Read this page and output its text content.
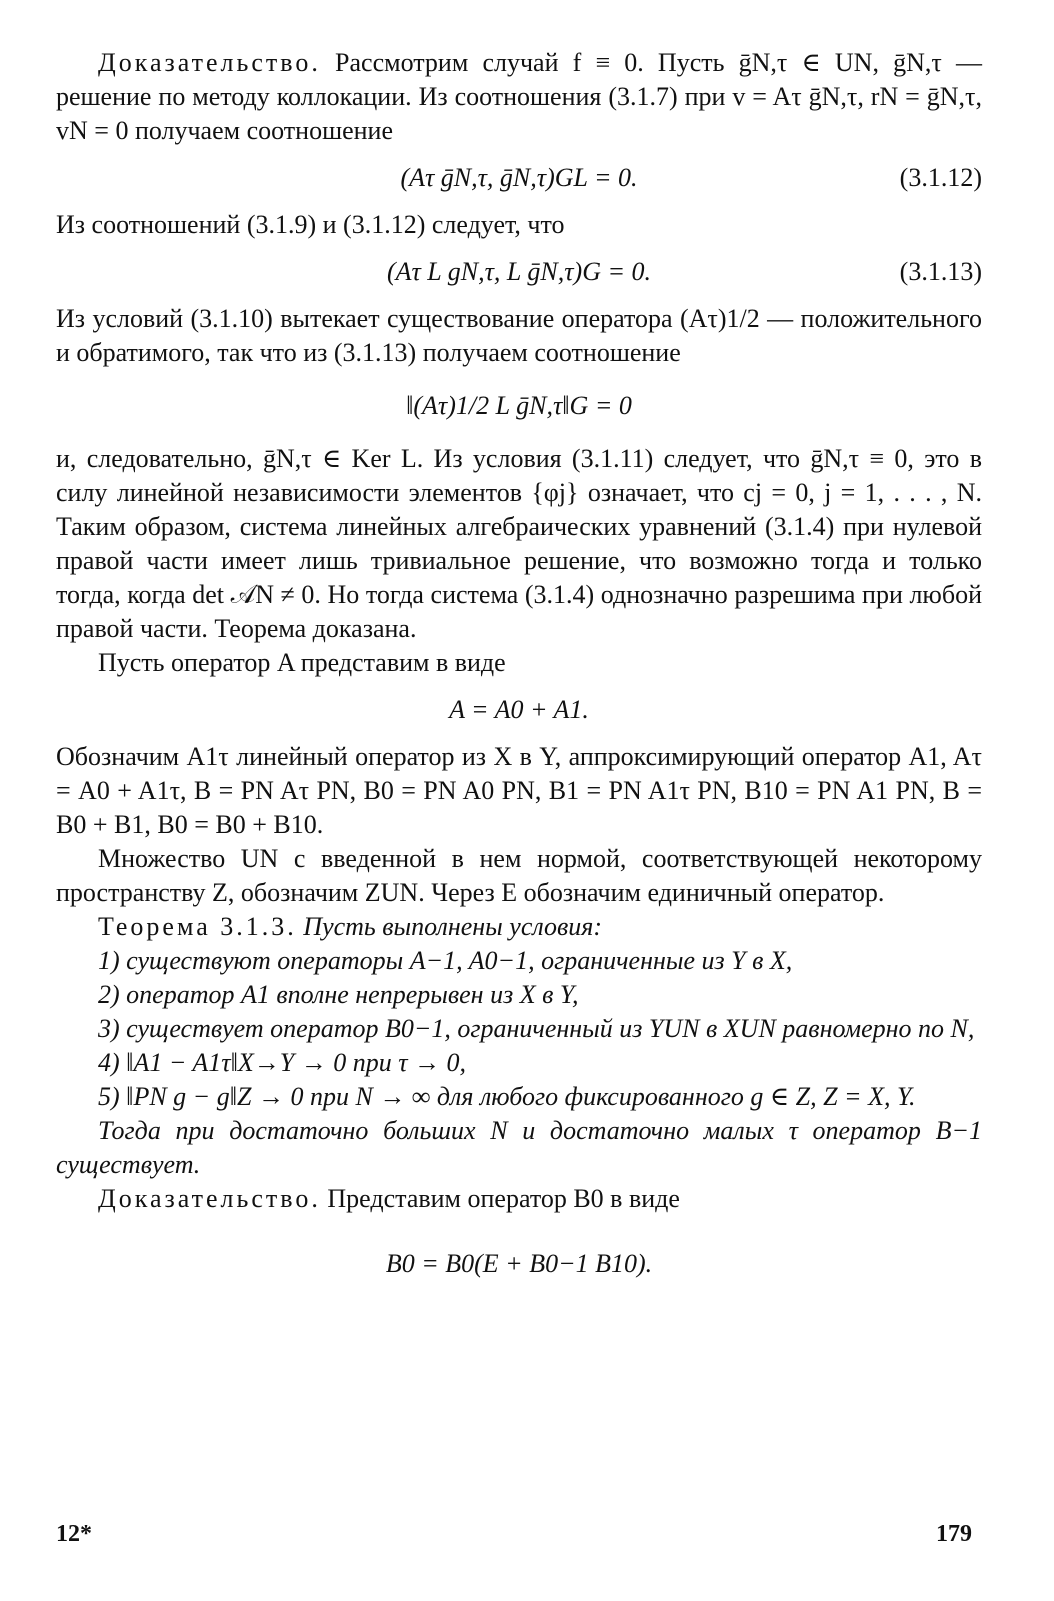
Доказательство. Рассмотрим случай f ≡ 0. Пусть ḡN,τ ∈ UN, ḡN,τ — решение по методу коллокации. Из соотношения (3.1.7) при v = Aτ ḡN,τ, rN = ḡN,τ, vN = 0 получаем соотношение

(Aτ ḡN,τ, ḡN,τ)GL = 0.	(3.1.12)

Из соотношений (3.1.9) и (3.1.12) следует, что

(Aτ L gN,τ, L ḡN,τ)G = 0.	(3.1.13)

Из условий (3.1.10) вытекает существование оператора (Aτ)1/2 — положительного и обратимого, так что из (3.1.13) получаем соотношение

‖(Aτ)1/2 L ḡN,τ‖G = 0

и, следовательно, ḡN,τ ∈ Ker L. Из условия (3.1.11) следует, что ḡN,τ ≡ 0, это в силу линейной независимости элементов {φj} означает, что cj = 0, j = 1, . . . , N. Таким образом, система линейных алгебраических уравнений (3.1.4) при нулевой правой части имеет лишь тривиальное решение, что возможно тогда и только тогда, когда det 𝒜N ≠ 0. Но тогда система (3.1.4) однозначно разрешима при любой правой части. Теорема доказана.

Пусть оператор A представим в виде

A = A0 + A1.

Обозначим A1τ линейный оператор из X в Y, аппроксимирующий оператор A1, Aτ = A0 + A1τ, B = PN Aτ PN, B0 = PN A0 PN, B1 = PN A1τ PN, B10 = PN A1 PN, B = B0 + B1, B0 = B0 + B10.

Множество UN с введенной в нем нормой, соответствующей некоторому пространству Z, обозначим ZUN. Через E обозначим единичный оператор.

Теорема 3.1.3. Пусть выполнены условия:

1) существуют операторы A−1, A0−1, ограниченные из Y в X,

2) оператор A1 вполне непрерывен из X в Y,

3) существует оператор B0−1, ограниченный из YUN в XUN равномерно по N,

4) ‖A1 − A1τ‖X→Y → 0 при τ → 0,

5) ‖PN g − g‖Z → 0 при N → ∞ для любого фиксированного g ∈ Z, Z = X, Y.

Тогда при достаточно больших N и достаточно малых τ оператор B−1 существует.

Доказательство. Представим оператор B0 в виде

B0 = B0(E + B0−1 B10).
12*	179
